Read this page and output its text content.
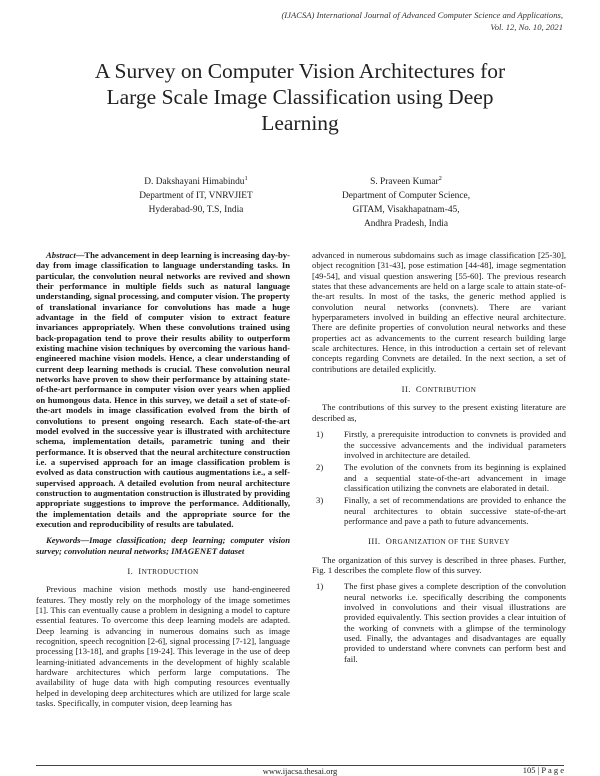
(IJACSA) International Journal of Advanced Computer Science and Applications,
Vol. 12, No. 10, 2021
A Survey on Computer Vision Architectures for
Large Scale Image Classification using Deep
Learning
D. Dakshayani Himabindu$^1$
Department of IT, VNRVJIET
Hyderabad-90, T.S, India
S. Praveen Kumar$^2$
Department of Computer Science,
GITAM, Visakhapatnam-45,
Andhra Pradesh, India

Abstract—The advancement in deep learning is increasing day-by-day from image classification to language understanding tasks. In particular, the convolution neural networks are revived and shown their performance in multiple fields such as natural language understanding, signal processing, and computer vision. The property of translational invariance for convolutions has made a huge advantage in the field of computer vision to extract feature invariances appropriately. When these convolutions trained using back-propagation tend to prove their results ability to outperform existing machine vision techniques by overcoming the various hand-engineered machine vision models. Hence, a clear understanding of current deep learning methods is crucial. These convolution neural networks have proven to show their performance by attaining state-of-the-art performance in computer vision over years when applied on humongous data. Hence in this survey, we detail a set of state-of-the-art models in image classification evolved from the birth of convolutions to present ongoing research. Each state-of-the-art model evolved in the successive year is illustrated with architecture schema, implementation details, parametric tuning and their performance. It is observed that the neural architecture construction i.e. a supervised approach for an image classification problem is evolved as data construction with cautious augmentations i.e., a self-supervised approach. A detailed evolution from neural architecture construction to augmentation construction is illustrated by providing appropriate suggestions to improve the performance. Additionally, the implementation details and the appropriate source for the execution and reproducibility of results are tabulated.

Keywords—Image classification; deep learning; computer vision survey; convolution neural networks; IMAGENET dataset

I. INTRODUCTION

Previous machine vision methods mostly use hand-engineered features. They mostly rely on the morphology of the image sometimes [1]. This can eventually cause a problem in designing a model to capture essential features. To overcome this deep learning models are adapted. Deep learning is advancing in numerous domains such as image recognition, speech recognition [2-6], signal processing [7-12], language processing [13-18], and graphs [19-24]. This leverage in the use of deep learning-initiated advancements in the development of highly scalable hardware architectures which perform large computations. The availability of huge data with high computing resources eventually helped in developing deep architectures which are utilized for large scale tasks. Specifically, in computer vision, deep learning has

advanced in numerous subdomains such as image classification [25-30], object recognition [31-43], pose estimation [44-48], image segmentation [49-54], and visual question answering [55-60]. The previous research states that these advancements are held on a large scale to attain state-of-the-art results. In most of the tasks, the generic method applied is convolution neural networks (convnets). There are variant hyperparameters involved in building an effective neural architecture. There are definite properties of convolution neural networks and these properties act as advancements to the current research building large scale architectures. Hence, in this introduction a certain set of relevant concepts regarding Convnets are detailed. In the next section, a set of contributions are detailed explicitly.

II. CONTRIBUTION

The contributions of this survey to the present existing literature are described as,

1)	Firstly, a prerequisite introduction to convnets is provided and the successive advancements and the individual parameters involved in architecture are detailed.
2)	The evolution of the convnets from its beginning is explained and a sequential state-of-the-art advancement in image classification utilizing the convnets are elaborated in detail.
3)	Finally, a set of recommendations are provided to enhance the neural architectures to obtain successive state-of-the-art performance and pave a path to future advancements.
III. ORGANIZATION OF THE SURVEY

The organization of this survey is described in three phases. Further, Fig. 1 describes the complete flow of this survey.

1)	The first phase gives a complete description of the convolution neural networks i.e. specifically describing the components involved in convolutions and their visual illustrations are provided equivalently. This section provides a clear intuition of the working of convnets with a glimpse of the terminology used. Finally, the advantages and disadvantages are equally provided to understand where convnets can perform best and fail.
www.ijacsa.thesai.org	105 | P a g e
